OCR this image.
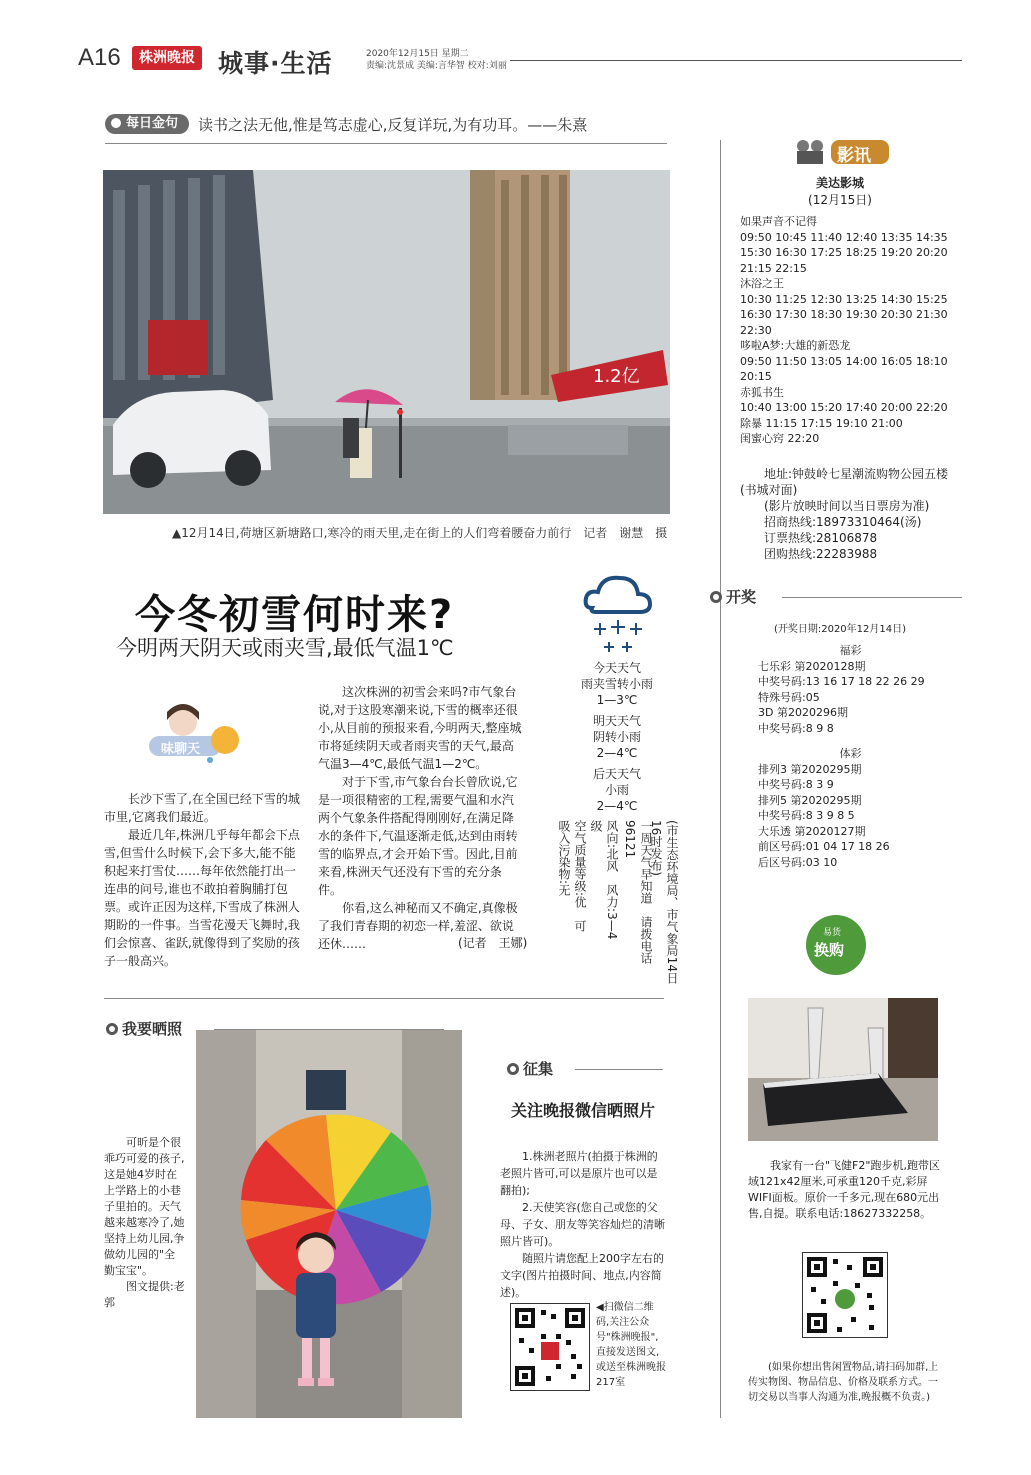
A16	株洲晚报 城事·生活	2020年12月15日 星期二
责编:沈景成 美编:言华智 校对:刘丽
每日金句	读书之法无他,惟是笃志虚心,反复详玩,为有功耳。——朱熹
1.2亿
▲12月14日,荷塘区新塘路口,寒冷的雨天里,走在街上的人们弯着腰奋力前行　记者　谢慧　摄
今冬初雪何时来?
今明两天阴天或雨夹雪,最低气温1℃
味聊天

长沙下雪了,在全国已经下雪的城市里,它离我们最近。

最近几年,株洲几乎每年都会下点雪,但雪什么时候下,会下多大,能不能积起来打雪仗……每年依然能打出一连串的问号,谁也不敢拍着胸脯打包票。或许正因为这样,下雪成了株洲人期盼的一件事。当雪花漫天飞舞时,我们会惊喜、雀跃,就像得到了奖励的孩子一般高兴。

这次株洲的初雪会来吗?市气象台说,对于这股寒潮来说,下雪的概率还很小,从目前的预报来看,今明两天,整座城市将延续阴天或者雨夹雪的天气,最高气温3—4℃,最低气温1—2℃。

对于下雪,市气象台台长曾欣说,它是一项很精密的工程,需要气温和水汽两个气象条件搭配得刚刚好,在满足降水的条件下,气温逐渐走低,达到由雨转雪的临界点,才会开始下雪。因此,目前来看,株洲天气还没有下雪的充分条件。

你看,这么神秘而又不确定,真像极了我们青春期的初恋一样,羞涩、欲说还休……	(记者　王娜)
今天天气
雨夹雪转小雨
1—3℃
明天天气
阴转小雨
2—4℃
后天天气
小雨
2—4℃
(市生态环境局、市气象局14日16时发布)
一周天气早知道　请拨电话96121
风向:北风　风力:3—4级
空气质量等级:优　可吸入污染物:无
我要晒照
可昕是个很乖巧可爱的孩子,这是她4岁时在上学路上的小巷子里拍的。天气越来越寒冷了,她坚持上幼儿园,争做幼儿园的"全勤宝宝"。
图文提供:老郭
征集
关注晚报微信晒照片

1.株洲老照片(拍摄于株洲的老照片皆可,可以是原片也可以是翻拍);

2.天使笑容(您自己或您的父母、子女、朋友等笑容灿烂的清晰照片皆可)。

随照片请您配上200字左右的文字(图片拍摄时间、地点,内容简述)。

◀扫微信二维码,关注公众号"株洲晚报",直接发送图文,或送至株洲晚报217室
影讯
美达影城
(12月15日)
如果声音不记得
09:50 10:45 11:40 12:40 13:35 14:35
15:30 16:30 17:25 18:25 19:20 20:20
21:15 22:15
沐浴之王
10:30 11:25 12:30 13:25 14:30 15:25
16:30 17:30 18:30 19:30 20:30 21:30
22:30
哆啦A梦:大雄的新恐龙
09:50 11:50 13:05 14:00 16:05 18:10
20:15
赤狐书生
10:40 13:00 15:20 17:40 20:00 22:20
除暴 11:15 17:15 19:10 21:00
闺蜜心窍 22:20

地址:钟鼓岭七星潮流购物公园五楼(书城对面)

(影片放映时间以当日票房为准)

招商热线:18973310464(汤)

订票热线:28106878

团购热线:22283988

开奖
(开奖日期:2020年12月14日)
福彩
七乐彩 第2020128期
中奖号码:13 16 17 18 22 26 29
特殊号码:05
3D 第2020296期
中奖号码:8 9 8
体彩
排列3 第2020295期
中奖号码:8 3 9
排列5 第2020295期
中奖号码:8 3 9 8 5
大乐透 第2020127期
前区号码:01 04 17 18 26
后区号码:03 10
易货
换购
我家有一台"飞健F2"跑步机,跑带区域121x42厘米,可承重120千克,彩屏WIFI面板。原价一千多元,现在680元出售,自提。联系电话:18627332258。
(如果你想出售闲置物品,请扫码加群,上传实物图、物品信息、价格及联系方式。一切交易以当事人沟通为准,晚报概不负责。)
